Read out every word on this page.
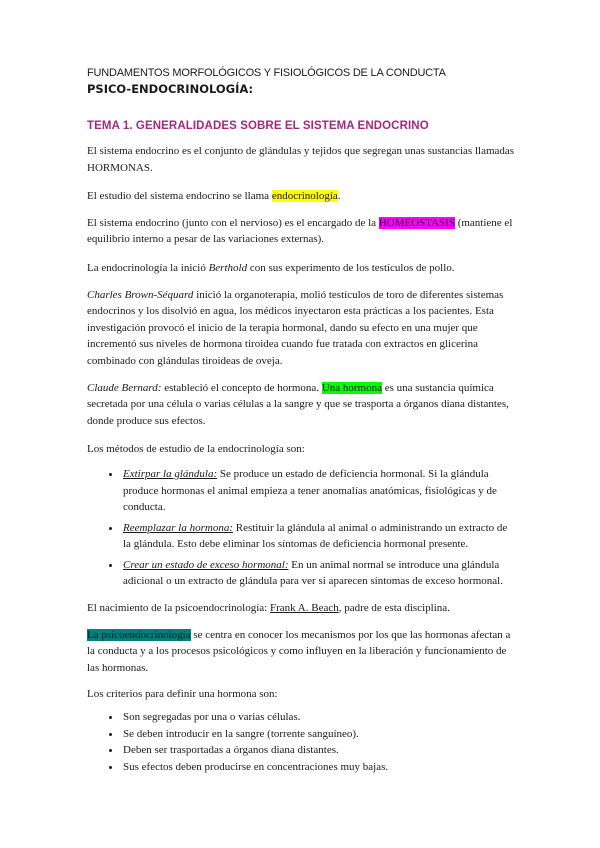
FUNDAMENTOS MORFOLÓGICOS Y FISIOLÓGICOS DE LA CONDUCTA
PSICO-ENDOCRINOLOGÍA:
TEMA 1. GENERALIDADES SOBRE EL SISTEMA ENDOCRINO

El sistema endocrino es el conjunto de glándulas y tejidos que segregan unas sustancias llamadas HORMONAS.

El estudio del sistema endocrino se llama endocrinología.

El sistema endocrino (junto con el nervioso) es el encargado de la HOMEOSTASIS (mantiene el equilibrio interno a pesar de las variaciones externas).

La endocrinología la inició Berthold con sus experimento de los testículos de pollo.

Charles Brown-Séquard inició la organoterapia, molió testículos de toro de diferentes sistemas endocrinos y los disolvió en agua, los médicos inyectaron esta prácticas a los pacientes. Esta investigación provocó el inicio de la terapia hormonal, dando su efecto en una mujer que incrementó sus niveles de hormona tiroidea cuando fue tratada con extractos en glicerina combinado con glándulas tiroideas de oveja.

Claude Bernard: estableció el concepto de hormona. Una hormona es una sustancia química secretada por una célula o varias células a la sangre y que se trasporta a órganos diana distantes, donde produce sus efectos.

Los métodos de estudio de la endocrinología son:

• Extirpar la glándula: Se produce un estado de deficiencia hormonal. Si la glándula produce hormonas el animal empieza a tener anomalías anatómicas, fisiológicas y de conducta.
• Reemplazar la hormona: Restituir la glándula al animal o administrando un extracto de la glándula. Esto debe eliminar los síntomas de deficiencia hormonal presente.
• Crear un estado de exceso hormonal: En un animal normal se introduce una glándula adicional o un extracto de glándula para ver si aparecen síntomas de exceso hormonal.

El nacimiento de la psicoendocrinología: Frank A. Beach, padre de esta disciplina.

La psicoendocrinología se centra en conocer los mecanismos por los que las hormonas afectan a la conducta y a los procesos psicológicos y como influyen en la liberación y funcionamiento de las hormonas.

Los criterios para definir una hormona son:

• Son segregadas por una o varias células.
• Se deben introducir en la sangre (torrente sanguíneo).
• Deben ser trasportadas a órganos diana distantes.
• Sus efectos deben producirse en concentraciones muy bajas.
